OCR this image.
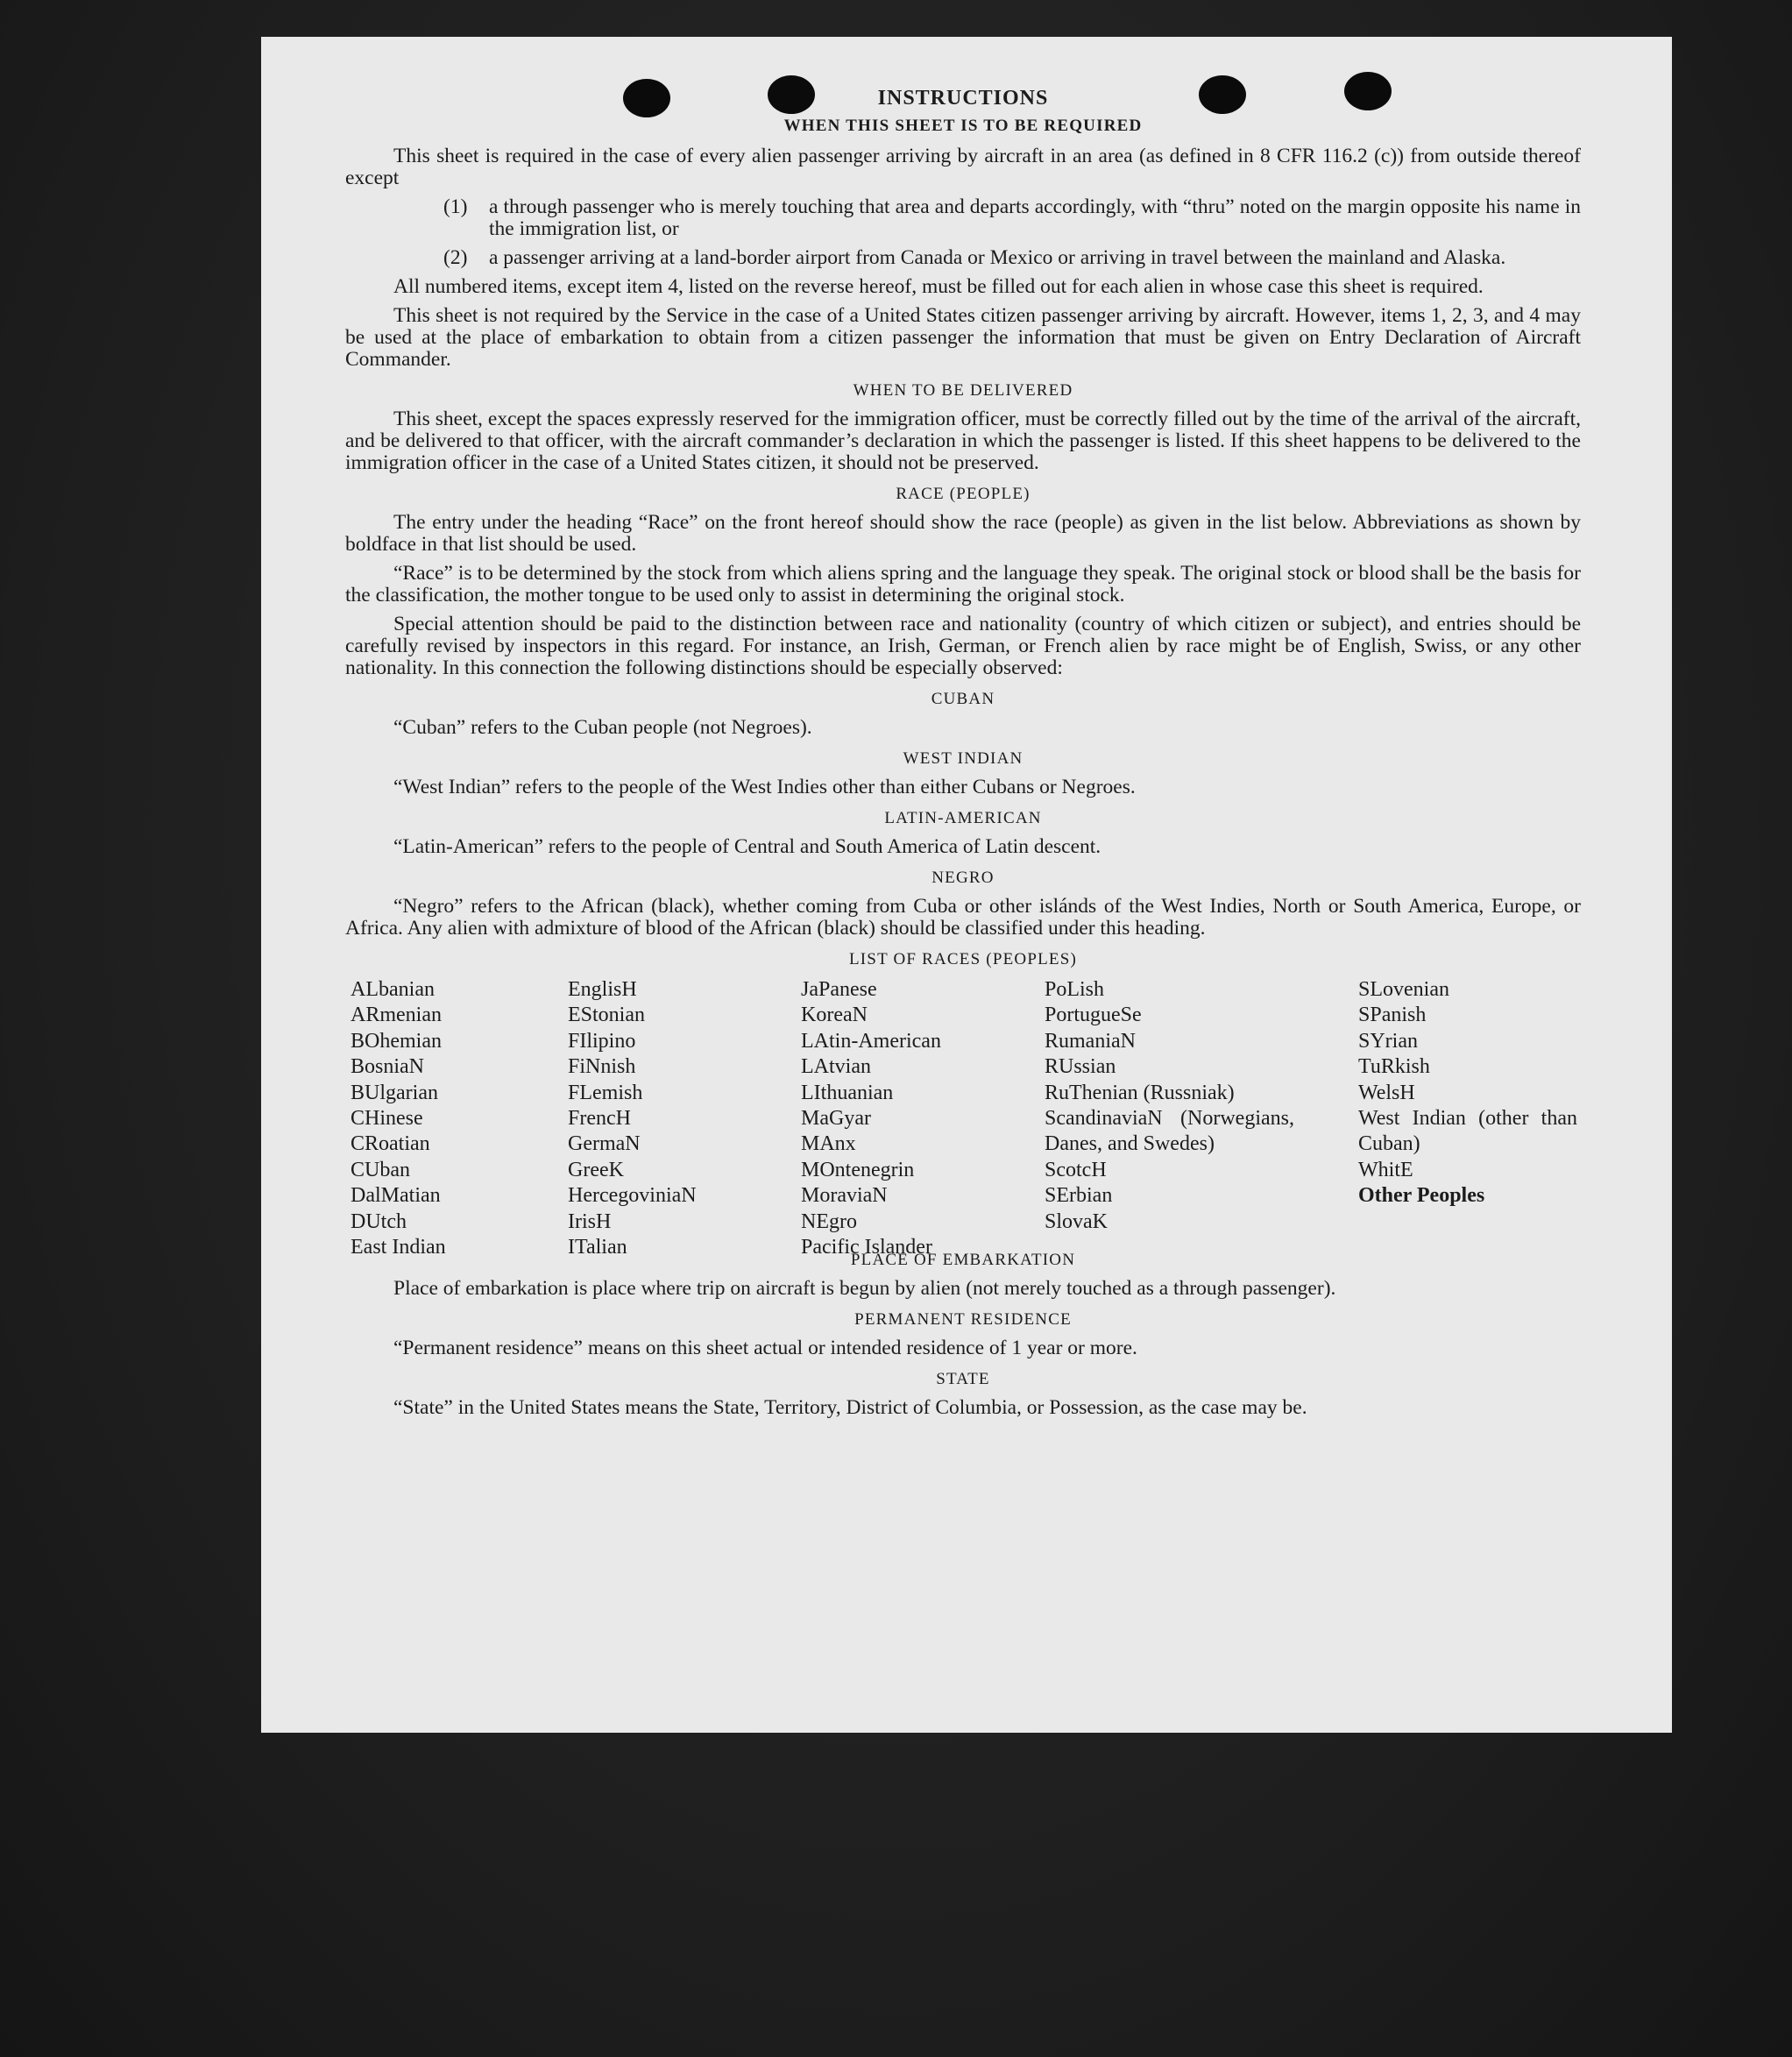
INSTRUCTIONS
WHEN THIS SHEET IS TO BE REQUIRED

This sheet is required in the case of every alien passenger arriving by aircraft in an area (as defined in 8 CFR 116.2 (c)) from outside thereof except

(1)	a through passenger who is merely touching that area and departs accordingly, with “thru” noted on the margin opposite his name in the immigration list, or
(2)	a passenger arriving at a land-border airport from Canada or Mexico or arriving in travel between the mainland and Alaska.

All numbered items, except item 4, listed on the reverse hereof, must be filled out for each alien in whose case this sheet is required.

This sheet is not required by the Service in the case of a United States citizen passenger arriving by aircraft. However, items 1, 2, 3, and 4 may be used at the place of embarkation to obtain from a citizen passenger the information that must be given on Entry Declaration of Aircraft Commander.

WHEN TO BE DELIVERED

This sheet, except the spaces expressly reserved for the immigration officer, must be correctly filled out by the time of the arrival of the aircraft, and be delivered to that officer, with the aircraft commander’s declaration in which the passenger is listed. If this sheet happens to be delivered to the immigration officer in the case of a United States citizen, it should not be preserved.

RACE (PEOPLE)

The entry under the heading “Race” on the front hereof should show the race (people) as given in the list below. Abbreviations as shown by boldface in that list should be used.

“Race” is to be determined by the stock from which aliens spring and the language they speak. The original stock or blood shall be the basis for the classification, the mother tongue to be used only to assist in determining the original stock.

Special attention should be paid to the distinction between race and nationality (country of which citizen or subject), and entries should be carefully revised by inspectors in this regard. For instance, an Irish, German, or French alien by race might be of English, Swiss, or any other nationality. In this connection the following distinctions should be especially observed:

CUBAN

“Cuban” refers to the Cuban people (not Negroes).

WEST INDIAN

“West Indian” refers to the people of the West Indies other than either Cubans or Negroes.

LATIN-AMERICAN

“Latin-American” refers to the people of Central and South America of Latin descent.

NEGRO

“Negro” refers to the African (black), whether coming from Cuba or other islánds of the West Indies, North or South America, Europe, or Africa. Any alien with admixture of blood of the African (black) should be classified under this heading.

LIST OF RACES (PEOPLES)
ALbanian
ARmenian
BOhemian
BosniaN
BUlgarian
CHinese
CRoatian
CUban
DalMatian
DUtch
East Indian
EnglisH
EStonian
FIlipino
FiNnish
FLemish
FrencH
GermaN
GreeK
HercegoviniaN
IrisH
ITalian
JaPanese
KoreaN
LAtin-American
LAtvian
LIthuanian
MaGyar
MAnx
MOntenegrin
MoraviaN
NEgro
Pacific Islander
PoLish
PortugueSe
RumaniaN
RUssian
RuThenian (Russniak)
ScandinaviaN (Norwegians, Danes, and Swedes)
ScotcH
SErbian
SlovaK
SLovenian
SPanish
SYrian
TuRkish
WelsH
West Indian (other than Cuban)
WhitE
Other Peoples
PLACE OF EMBARKATION

Place of embarkation is place where trip on aircraft is begun by alien (not merely touched as a through passenger).

PERMANENT RESIDENCE

“Permanent residence” means on this sheet actual or intended residence of 1 year or more.

STATE

“State” in the United States means the State, Territory, District of Columbia, or Possession, as the case may be.
